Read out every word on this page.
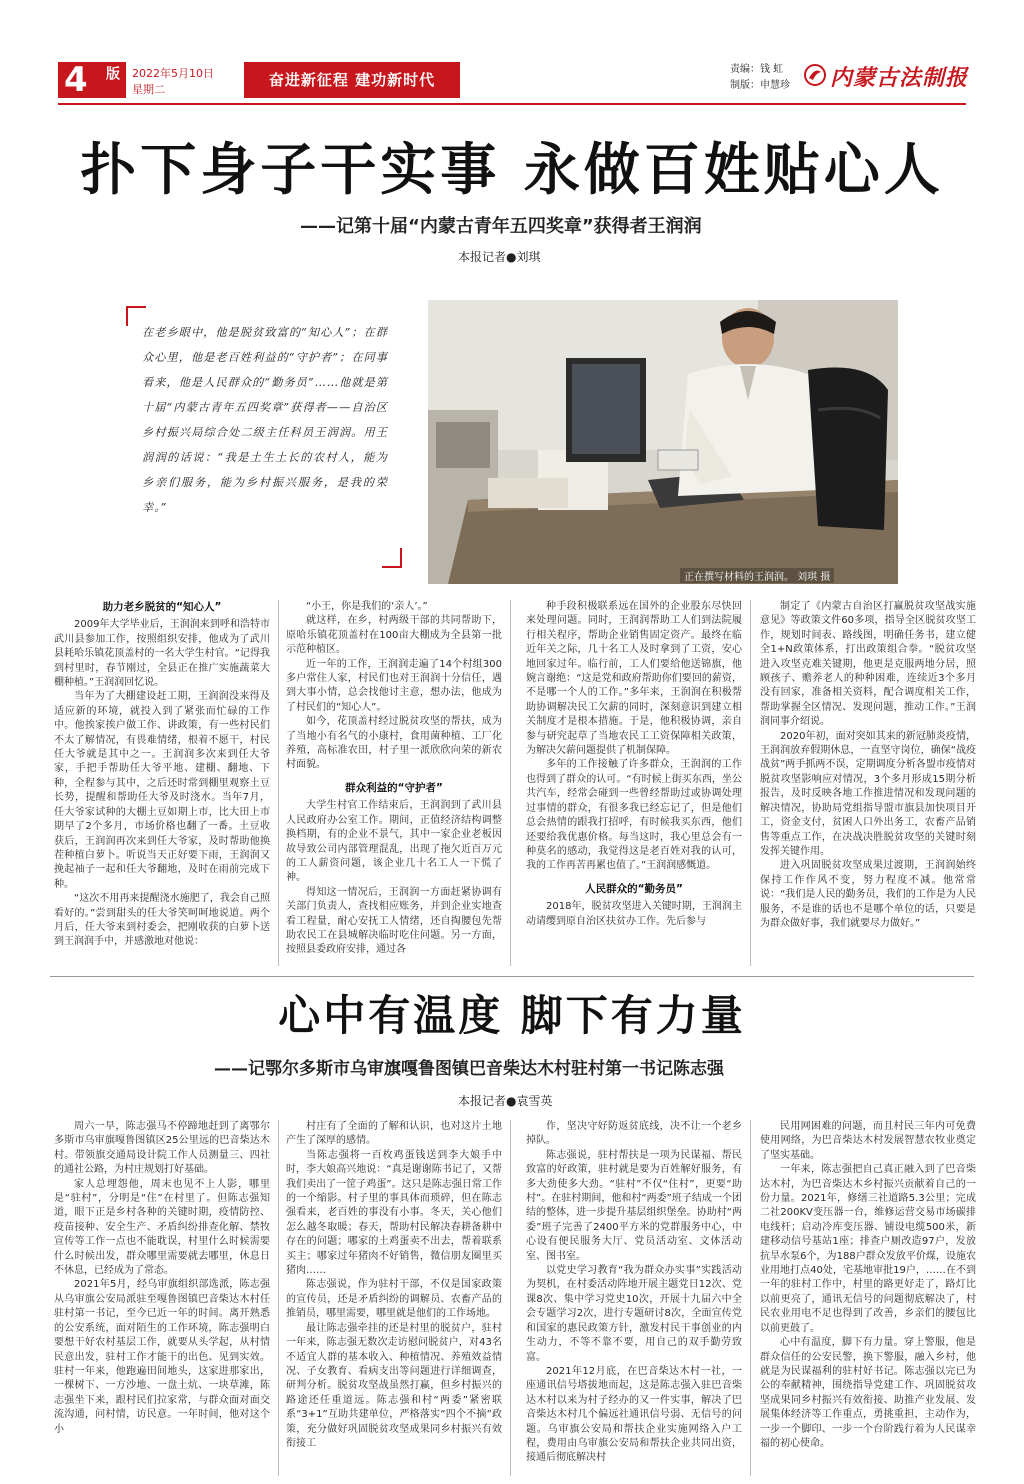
4 版 2022年5月10日
星期二
奋进新征程 建功新时代
责编：钱 虹
制版：申慧珍 内蒙古法制报
扑下身子干实事 永做百姓贴心人
——记第十届“内蒙古青年五四奖章”获得者王润润
本报记者●刘琪
在老乡眼中，他是脱贫致富的“知心人”；在群众心里，他是老百姓利益的“守护者”；在同事看来，他是人民群众的“勤务员”……他就是第十届“内蒙古青年五四奖章”获得者——自治区乡村振兴局综合处二级主任科员王润润。用王润润的话说：“我是土生土长的农村人，能为乡亲们服务，能为乡村振兴服务，是我的荣幸。”
正在撰写材料的王润润。 刘琪 摄

助力老乡脱贫的“知心人”

2009年大学毕业后，王润润来到呼和浩特市武川县参加工作，按照组织安排，他成为了武川县耗哈乐镇花顶盖村的一名大学生村官。“记得我到村里时，春节刚过，全县正在推广实施蔬菜大棚种植。”王润润回忆说。

当年为了大棚建设赶工期，王润润没来得及适应新的环境，就投入到了紧张而忙碌的工作中。他挨家挨户做工作、讲政策，有一些村民们不太了解情况，有畏难情绪，根着不愿干，村民任大爷就是其中之一。王润润多次来到任大爷家，手把手帮助任大爷平地、建棚、翻地、下种，全程参与其中，之后还时常到棚里观察土豆长势，提醒和帮助任大爷及时浇水。当年7月，任大爷家试种的大棚土豆如期上市，比大田上市期早了2个多月，市场价格也翻了一番。土豆收获后，王润润再次来到任大爷家，及时帮助他换茬种植白萝卜。听说当天正好要下雨，王润润又挽起袖子一起和任大爷翻地，及时在雨前完成下种。

“这次不用再来提醒浇水施肥了，我会自己照看好的。”尝到甜头的任大爷笑呵呵地说道。两个月后，任大爷来到村委会，把刚收获的白萝卜送到王润润手中，并感激地对他说：

“小王，你是我们的‘亲人’。”

就这样，在乡，村两级干部的共同帮助下，原哈乐镇花顶盖村在100亩大棚成为全县第一批示范种植区。

近一年的工作，王润润走遍了14个村组300多户常住人家，村民们也对王润润十分信任，遇到大事小情，总会找他讨主意，想办法，他成为了村民们的“知心人”。

如今，花顶盖村经过脱贫攻坚的帮扶，成为了当地小有名气的小康村，食用菌种植、工厂化养殖，高标准农田，村子里一派欣欣向荣的新农村面貌。

群众利益的“守护者”

大学生村官工作结束后，王润润到了武川县人民政府办公室工作。期间，正值经济结构调整换档期，有的企业不景气，其中一家企业老板因故导致公司内部管理混乱，出现了拖欠近百万元的工人薪资问题，该企业几十名工人一下慌了神。

得知这一情况后，王润润一方面赶紧协调有关部门负责人，查找相应账务，并到企业实地查看工程量，耐心安抚工人情绪，还自掏腰包先帮助农民工在县城解决临时吃住问题。另一方面，按照县委政府安排，通过各

种手段积极联系远在国外的企业股东尽快回来处理问题。同时，王润润帮助工人们到法院履行相关程序，帮助企业销售固定资产。最终在临近年关之际，几十名工人及时拿到了工资，安心地回家过年。临行前，工人们要给他送锦旗，他婉言谢绝：“这是党和政府帮助你们要回的薪资，不是哪一个人的工作。”多年来，王润润在积极帮助协调解决民工欠薪的同时，深刻意识到建立相关制度才是根本措施。于是，他积极协调，亲自参与研究起草了当地农民工工资保障相关政策，为解决欠薪问题提供了机制保障。

多年的工作接触了许多群众，王润润的工作也得到了群众的认可。“有时候上街买东西，坐公共汽车，经常会碰到一些曾经帮助过或协调处理过事情的群众，有很多我已经忘记了，但是他们总会热情的跟我打招呼，有时候我买东西，他们还要给我优惠价格。每当这时，我心里总会有一种莫名的感动，我觉得这是老百姓对我的认可，我的工作再苦再累也值了。”王润润感慨道。

人民群众的“勤务员”

2018年，脱贫攻坚进入关键时期，王润润主动请缨到原自治区扶贫办工作。先后参与

制定了《内蒙古自治区打赢脱贫攻坚战实施意见》等政策文件60多项，指导全区脱贫攻坚工作，规划时间表、路线图，明确任务书，建立健全1+N政策体系，打出政策组合拳。“脱贫攻坚进入攻坚克难关键期，他更是克服两地分居，照顾孩子、赡养老人的种种困难，连续近3个多月没有回家，准备相关资料，配合调度相关工作，帮助掌握全区情况、发现问题，推动工作。”王润润同事介绍说。

2020年初，面对突如其来的新冠肺炎疫情，王润润放弃假期休息，一直坚守岗位，确保“战疫战贫”两手抓两不误，定期调度分析各盟市疫情对脱贫攻坚影响应对情况，3个多月形成15期分析报告，及时反映各地工作推进情况和发现问题的解决情况，协助局党组指导盟市旗县加快项目开工，资金支付，贫困人口外出务工，农畜产品销售等重点工作，在决战决胜脱贫攻坚的关键时刻发挥关键作用。

进入巩固脱贫攻坚成果过渡期，王润润始终保持工作作风不变，努力程度不减。他常常说：“我们是人民的勤务员，我们的工作是为人民服务，不是谁的话也不是哪个单位的话，只要是为群众做好事，我们就要尽力做好。”

心中有温度 脚下有力量
——记鄂尔多斯市乌审旗嘎鲁图镇巴音柴达木村驻村第一书记陈志强
本报记者●袁雪英

周六一早，陈志强马不停蹄地赶到了离鄂尔多斯市乌审旗嘎鲁图镇区25公里远的巴音柴达木村。带领旗交通局设计院工作人员测量三、四社的通社公路，为村庄规划打好基础。

家人总埋怨他，周末也见不上人影，哪里是“驻村”，分明是“住”在村里了。但陈志强知道，眼下正是乡村各种的关键时期，疫情防控、疫苗接种、安全生产、矛盾纠纷排查化解、禁牧宣传等工作一点也不能耽误，村里什么时候需要什么时候出发，群众哪里需要就去哪里，休息日不休息，已经成为了常态。

2021年5月，经乌审旗组织部选派，陈志强从乌审旗公安局派驻至嘎鲁图镇巴音柴达木村任驻村第一书记，至今已近一年的时间。离开熟悉的公安系统，面对陌生的工作环境，陈志强明白要想干好农村基层工作，就要从头学起，从村情民意出发，驻村工作才能干的出色、见到实效。驻村一年来，他跑遍田间地头，这家进那家出，一棵树下、一方沙地、一盘土炕、一块草滩，陈志强坐下来，跟村民们拉家常，与群众面对面交流沟通，问村情，访民意。一年时间，他对这个小

村庄有了全面的了解和认识，也对这片土地产生了深厚的感情。

当陈志强将一百枚鸡蛋钱送到李大娘手中时，李大娘高兴地说：“真是谢谢陈书记了，又帮我们卖出了一筐子鸡蛋”。这只是陈志强日常工作的一个缩影。村子里的事具体而琐碎，但在陈志强看来，老百姓的事没有小事。冬天，关心他们怎么越冬取暖；春天，帮助村民解决春耕备耕中存在的问题；哪家的土鸡蛋卖不出去，帮着联系买主；哪家过年猪肉不好销售，微信朋友圈里买猪肉……

陈志强说，作为驻村干部，不仅是国家政策的宣传员，还是矛盾纠纷的调解员、农畜产品的推销员，哪里需要，哪里就是他们的工作场地。

最让陈志强牵挂的还是村里的脱贫户，驻村一年来，陈志强无数次走访慰问脱贫户，对43名不适宜人群的基本收入、种植情况、养殖效益情况、子女教育、看病支出等问题进行详细调查，研判分析。脱贫攻坚战虽然打赢，但乡村振兴的路途还任重道远。陈志强和村“两委”紧密联系“3+1”互助共建单位，严格落实“四个不摘”政策，充分做好巩固脱贫攻坚成果同乡村振兴有效衔接工

作，坚决守好防返贫底线，决不让一个老乡掉队。

陈志强说，驻村帮扶是一项为民谋福、帮民致富的好政策，驻村就是要为百姓解好服务，有多大劲使多大劲。“驻村”不仅“住村”，更要“助村”。在驻村期间，他和村“两委”班子结成一个团结的整体，进一步提升基层组织堡垒。协助村“两委”班子完善了2400平方米的党群服务中心，中心设有便民服务大厅、党员活动室、文体活动室、图书室。

以党史学习教育“我为群众办实事”实践活动为契机，在村委活动阵地开展主题党日12次、党课8次、集中学习党史10次，开展十九届六中全会专题学习2次，进行专题研讨8次，全面宣传党和国家的惠民政策方针，激发村民干事创业的内生动力，不等不靠不要，用自己的双手勤劳致富。

2021年12月底，在巴音柴达木村一社，一座通讯信号塔拔地而起，这是陈志强入驻巴音柴达木村以来为村子经办的又一件实事，解决了巴音柴达木村几个偏远社通讯信号弱、无信号的问题。乌审旗公安局和帮扶企业实施网络入户工程，费用由乌审旗公安局和帮扶企业共同出资，接通后彻底解决村

民用网困难的问题，而且村民三年内可免费使用网络，为巴音柴达木村发展智慧农牧业奠定了坚实基础。

一年来，陈志强把自己真正融入到了巴音柴达木村，为巴音柴达木乡村振兴贡献着自己的一份力量。2021年，修缮三社道路5.3公里；完成二社200KV变压器一台，维修运营交易市场碳排电线杆；启动冷库变压器、铺设电缆500米，新建移动信号基站1座；排查户厕改造97户，发放抗旱水泵6个，为188户群众发放平价煤，设施农业用地打点40处，宅基地审批19户，……在不到一年的驻村工作中，村里的路更好走了，路灯比以前更亮了，通讯无信号的问题彻底解决了，村民农业用电不足也得到了改善，乡亲们的腰包比以前更鼓了。

心中有温度，脚下有力量。穿上警服，他是群众信任的公安民警，换下警服，融入乡村，他就是为民谋福利的驻村好书记。陈志强以完已为公的奉献精神，围绕指导党建工作、巩固脱贫攻坚成果同乡村振兴有效衔接、助推产业发展、发展集体经济等工作重点，勇挑重担，主动作为，一步一个脚印、一步一个台阶践行着为人民谋幸福的初心使命。
